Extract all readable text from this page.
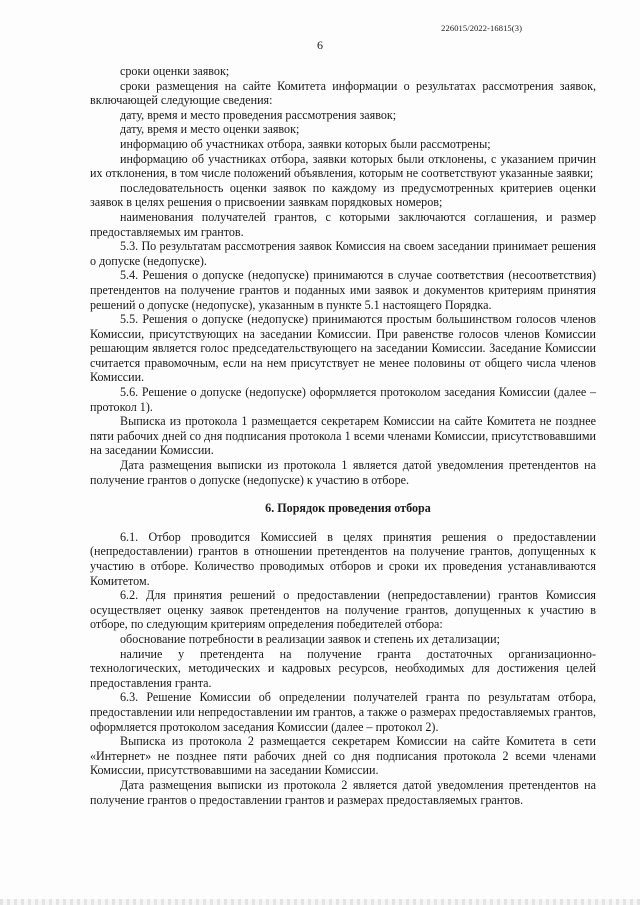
226015/2022-16815(3)
6

сроки оценки заявок;

сроки размещения на сайте Комитета информации о результатах рассмотрения заявок, включающей следующие сведения:

дату, время и место проведения рассмотрения заявок;

дату, время и место оценки заявок;

информацию об участниках отбора, заявки которых были рассмотрены;

информацию об участниках отбора, заявки которых были отклонены, с указанием причин их отклонения, в том числе положений объявления, которым не соответствуют указанные заявки;

последовательность оценки заявок по каждому из предусмотренных критериев оценки заявок в целях решения о присвоении заявкам порядковых номеров;

наименования получателей грантов, с которыми заключаются соглашения, и размер предоставляемых им грантов.

5.3. По результатам рассмотрения заявок Комиссия на своем заседании принимает решения о допуске (недопуске).

5.4. Решения о допуске (недопуске) принимаются в случае соответствия (несоответствия) претендентов на получение грантов и поданных ими заявок и документов критериям принятия решений о допуске (недопуске), указанным в пункте 5.1 настоящего Порядка.

5.5. Решения о допуске (недопуске) принимаются простым большинством голосов членов Комиссии, присутствующих на заседании Комиссии. При равенстве голосов членов Комиссии решающим является голос председательствующего на заседании Комиссии. Заседание Комиссии считается правомочным, если на нем присутствует не менее половины от общего числа членов Комиссии.

5.6. Решение о допуске (недопуске) оформляется протоколом заседания Комиссии (далее – протокол 1).

Выписка из протокола 1 размещается секретарем Комиссии на сайте Комитета не позднее пяти рабочих дней со дня подписания протокола 1 всеми членами Комиссии, присутствовавшими на заседании Комиссии.

Дата размещения выписки из протокола 1 является датой уведомления претендентов на получение грантов о допуске (недопуске) к участию в отборе.

6. Порядок проведения отбора

6.1. Отбор проводится Комиссией в целях принятия решения о предоставлении (непредоставлении) грантов в отношении претендентов на получение грантов, допущенных к участию в отборе. Количество проводимых отборов и сроки их проведения устанавливаются Комитетом.

6.2. Для принятия решений о предоставлении (непредоставлении) грантов Комиссия осуществляет оценку заявок претендентов на получение грантов, допущенных к участию в отборе, по следующим критериям определения победителей отбора:

обоснование потребности в реализации заявок и степень их детализации;

наличие у претендента на получение гранта достаточных организационно-технологических, методических и кадровых ресурсов, необходимых для достижения целей предоставления гранта.

6.3. Решение Комиссии об определении получателей гранта по результатам отбора, предоставлении или непредоставлении им грантов, а также о размерах предоставляемых грантов, оформляется протоколом заседания Комиссии (далее – протокол 2).

Выписка из протокола 2 размещается секретарем Комиссии на сайте Комитета в сети «Интернет» не позднее пяти рабочих дней со дня подписания протокола 2 всеми членами Комиссии, присутствовавшими на заседании Комиссии.

Дата размещения выписки из протокола 2 является датой уведомления претендентов на получение грантов о предоставлении грантов и размерах предоставляемых грантов.
